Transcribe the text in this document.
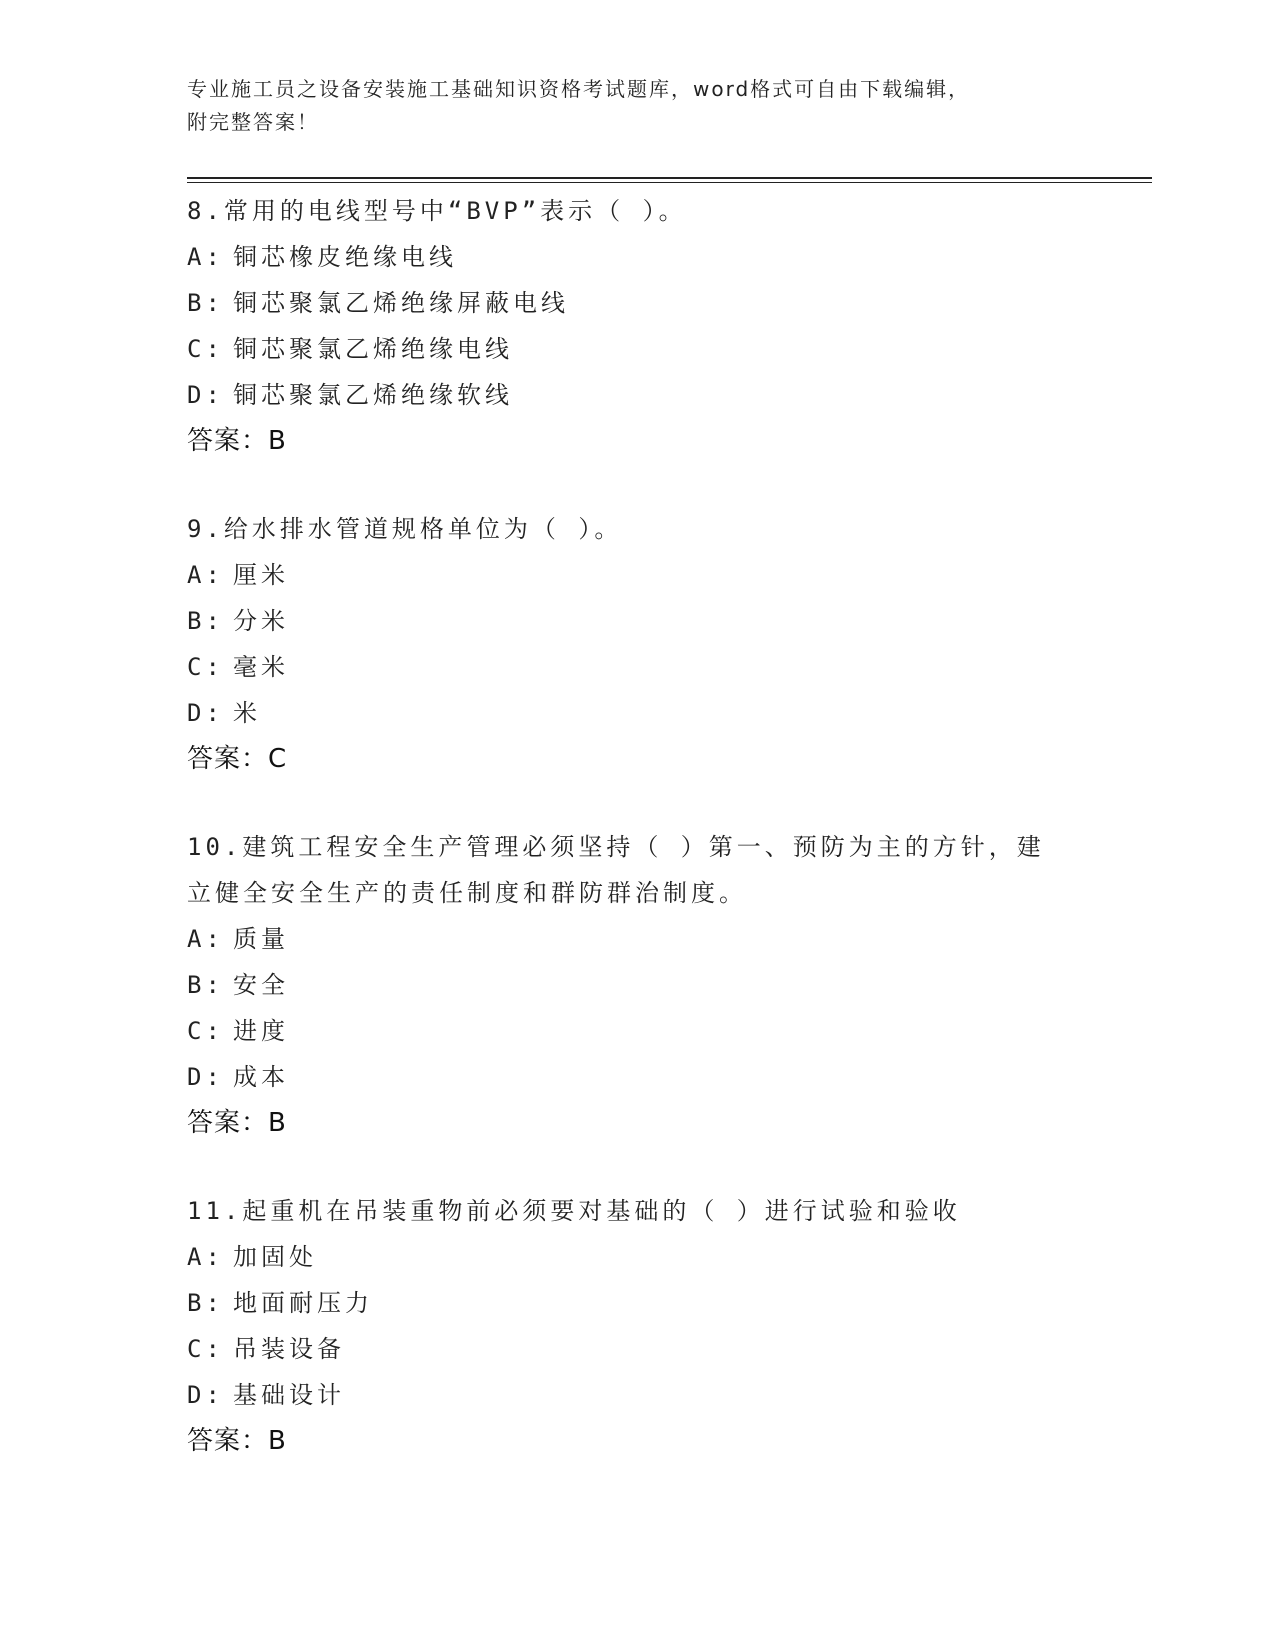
专业施工员之设备安装施工基础知识资格考试题库，word格式可自由下载编辑，
附完整答案！
8.常用的电线型号中“BVP”表示（ ）。
A: 铜芯橡皮绝缘电线
B: 铜芯聚氯乙烯绝缘屏蔽电线
C: 铜芯聚氯乙烯绝缘电线
D: 铜芯聚氯乙烯绝缘软线
答案：B
9.给水排水管道规格单位为（ ）。
A: 厘米
B: 分米
C: 毫米
D: 米
答案：C
10.建筑工程安全生产管理必须坚持（ ）第一、预防为主的方针，建
立健全安全生产的责任制度和群防群治制度。
A: 质量
B: 安全
C: 进度
D: 成本
答案：B
11.起重机在吊装重物前必须要对基础的（ ）进行试验和验收
A: 加固处
B: 地面耐压力
C: 吊装设备
D: 基础设计
答案：B
